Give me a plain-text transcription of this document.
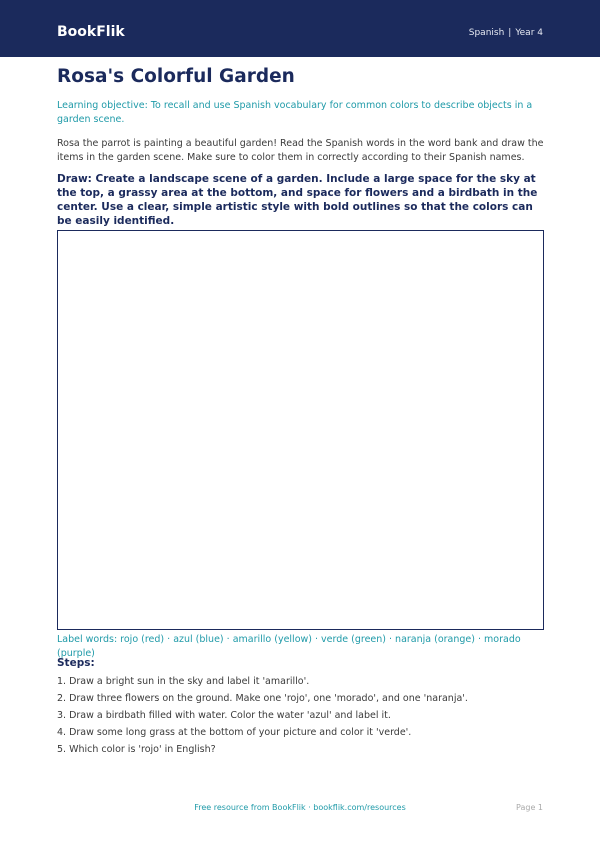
BookFlik	Spanish | Year 4
Rosa's Colorful Garden

Learning objective: To recall and use Spanish vocabulary for common colors to describe objects in a garden scene.

Rosa the parrot is painting a beautiful garden! Read the Spanish words in the word bank and draw the items in the garden scene. Make sure to color them in correctly according to their Spanish names.

Draw: Create a landscape scene of a garden. Include a large space for the sky at the top, a grassy area at the bottom, and space for flowers and a birdbath in the center. Use a clear, simple artistic style with bold outlines so that the colors can be easily identified.

Label words: rojo (red) · azul (blue) · amarillo (yellow) · verde (green) · naranja (orange) · morado (purple)

Steps:
1. Draw a bright sun in the sky and label it 'amarillo'.
2. Draw three flowers on the ground. Make one 'rojo', one 'morado', and one 'naranja'.
3. Draw a birdbath filled with water. Color the water 'azul' and label it.
4. Draw some long grass at the bottom of your picture and color it 'verde'.
5. Which color is 'rojo' in English?
Free resource from BookFlik · bookflik.com/resources	Page 1
